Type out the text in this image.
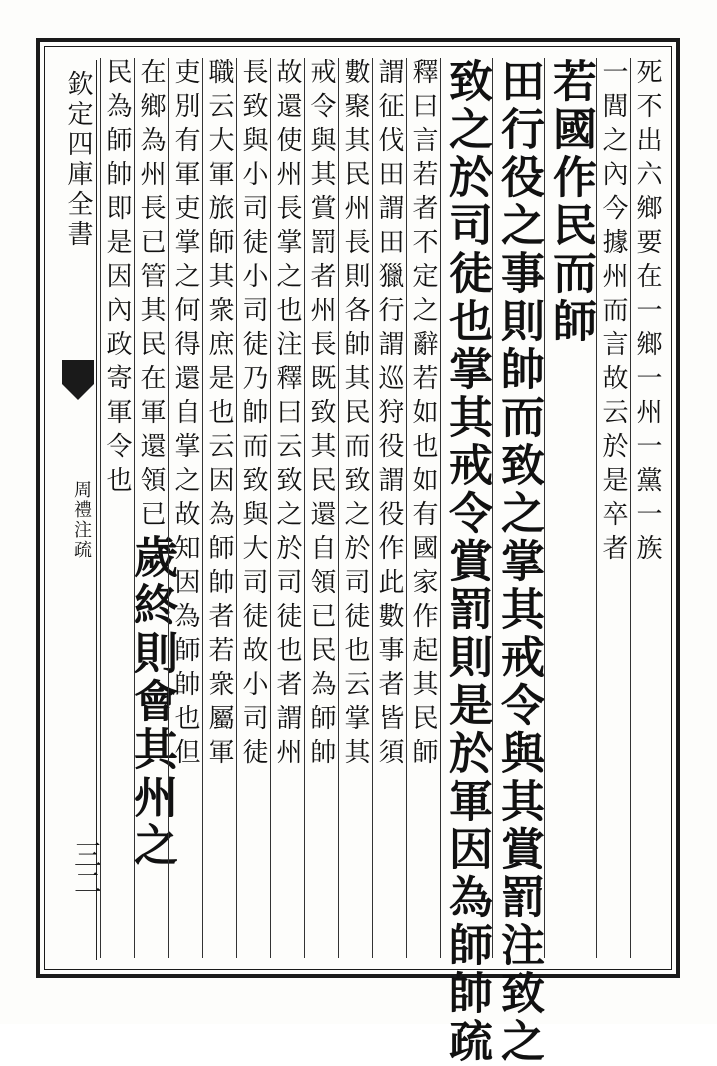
欽定四庫全書
周禮注疏
三二
死不出六鄉要在一鄉一州一黨一族
一閭之內今據州而言故云於是卒者
若國作民而師
田行役之事則帥而致之掌其戒令與其賞罰注致之
致之於司徒也掌其戒令賞罰則是於軍因為師帥疏
釋曰言若者不定之辭若如也如有國家作起其民師
謂征伐田謂田獵行謂巡狩役謂役作此數事者皆須
數聚其民州長則各帥其民而致之於司徒也云掌其
戒令與其賞罰者州長既致其民還自領已民為師帥
故還使州長掌之也注釋曰云致之於司徒也者謂州
長致與小司徒小司徒乃帥而致與大司徒故小司徒
職云大軍旅師其衆庶是也云因為師帥者若衆屬軍
吏別有軍吏掌之何得還自掌之故知因為師帥也但
在鄉為州長已管其民在軍還領已歲終則會其州之
民為師帥即是因內政寄軍令也
